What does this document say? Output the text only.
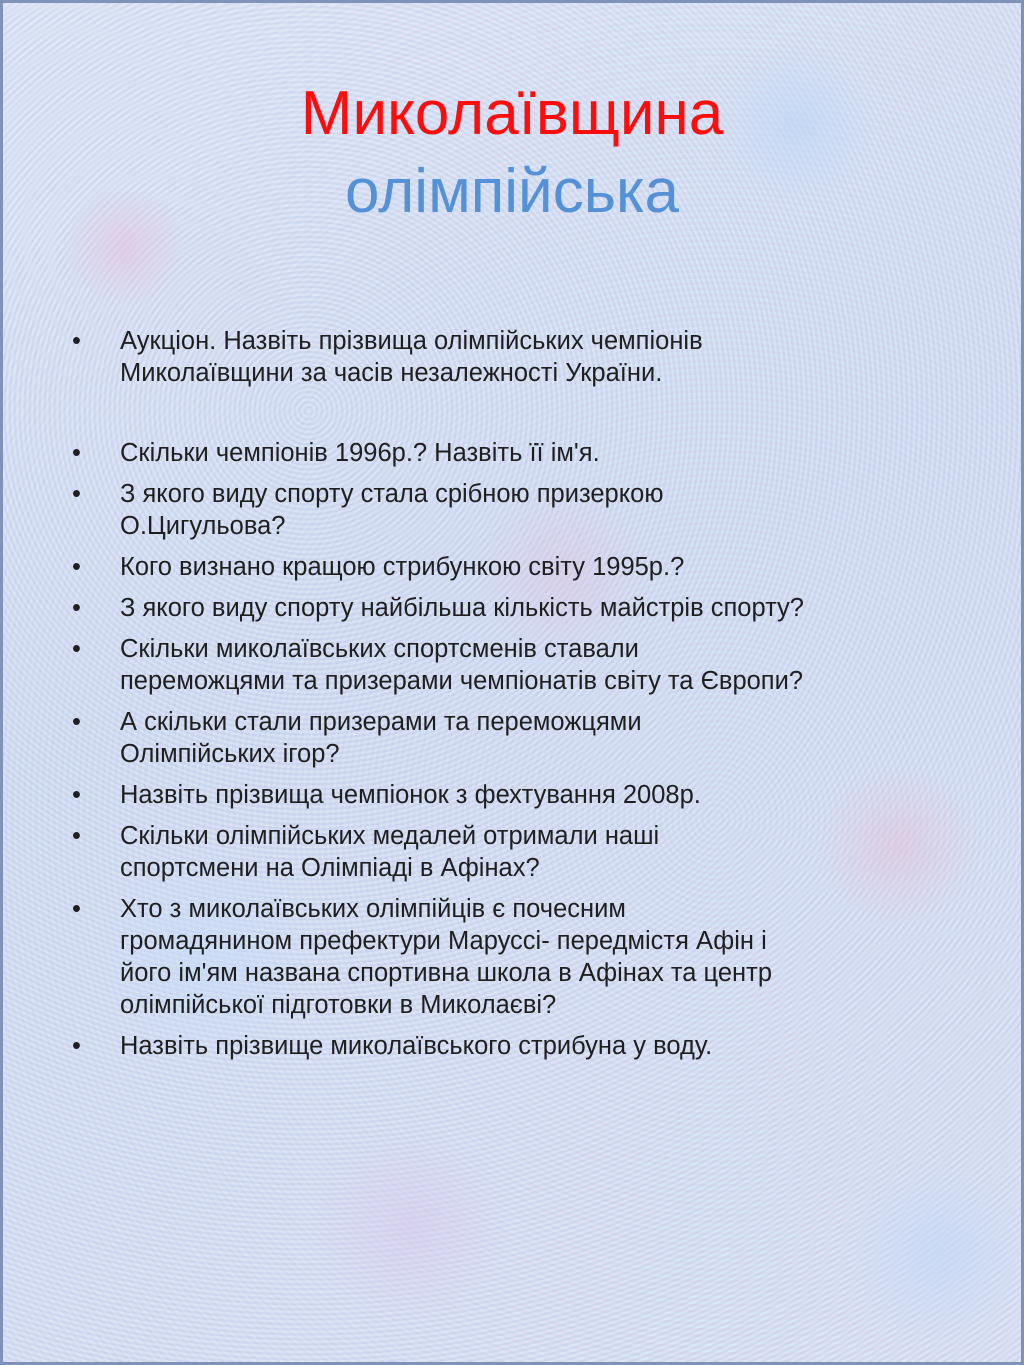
Миколаївщина
олімпійська
•	Аукціон. Назвіть прізвища олімпійських чемпіонів
Миколаївщини за часів незалежності України.
•	Скільки чемпіонів 1996р.? Назвіть її ім'я.
•	З якого виду спорту стала срібною призеркою
О.Цигульова?
•	Кого визнано кращою стрибункою світу 1995р.?
•	З якого виду спорту найбільша кількість майстрів спорту?
•	Скільки миколаївських спортсменів ставали
переможцями та призерами чемпіонатів світу та Європи?
•	А скільки стали призерами та переможцями
Олімпійських ігор?
•	Назвіть прізвища чемпіонок з фехтування 2008р.
•	Скільки олімпійських медалей отримали наші
спортсмени на Олімпіаді в Афінах?
•	Хто з миколаївських олімпійців є почесним
громадянином префектури Маруссі- передмістя Афін і
його ім'ям названа спортивна школа в Афінах та центр
олімпійської підготовки в Миколаєві?
•	Назвіть прізвище миколаївського стрибуна у воду.
